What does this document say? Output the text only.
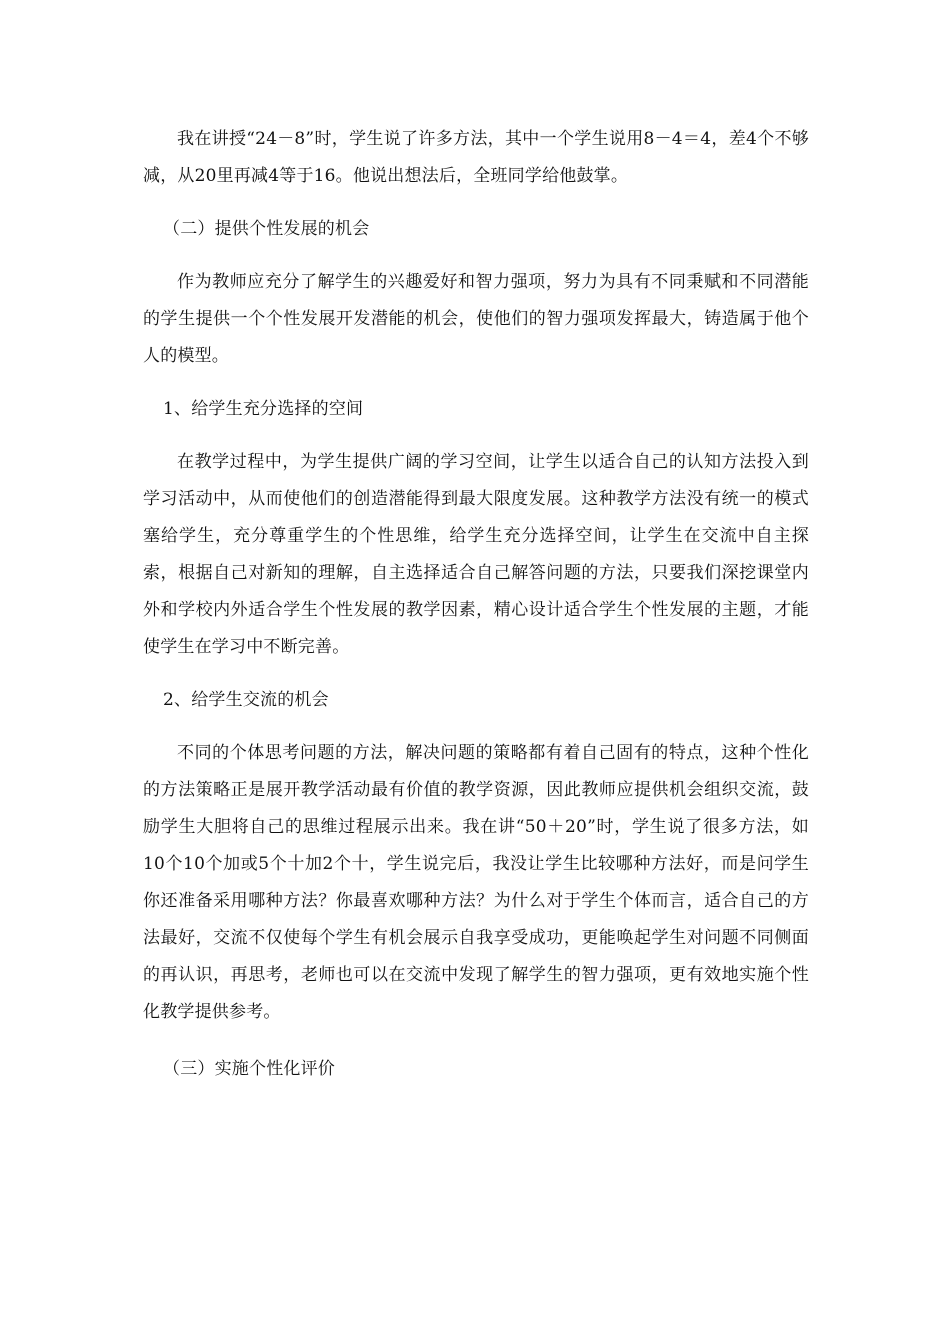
我在讲授“24－8”时，学生说了许多方法，其中一个学生说用8－4＝4，差4个不够减，从20里再减4等于16。他说出想法后，全班同学给他鼓掌。

（二）提供个性发展的机会

作为教师应充分了解学生的兴趣爱好和智力强项，努力为具有不同秉赋和不同潜能的学生提供一个个性发展开发潜能的机会，使他们的智力强项发挥最大，铸造属于他个人的模型。

1、给学生充分选择的空间

在教学过程中，为学生提供广阔的学习空间，让学生以适合自己的认知方法投入到学习活动中，从而使他们的创造潜能得到最大限度发展。这种教学方法没有统一的模式塞给学生，充分尊重学生的个性思维，给学生充分选择空间，让学生在交流中自主探索，根据自己对新知的理解，自主选择适合自己解答问题的方法，只要我们深挖课堂内外和学校内外适合学生个性发展的教学因素，精心设计适合学生个性发展的主题，才能使学生在学习中不断完善。

2、给学生交流的机会

不同的个体思考问题的方法，解决问题的策略都有着自己固有的特点，这种个性化的方法策略正是展开教学活动最有价值的教学资源，因此教师应提供机会组织交流，鼓励学生大胆将自己的思维过程展示出来。我在讲“50＋20”时，学生说了很多方法，如10个10个加或5个十加2个十，学生说完后，我没让学生比较哪种方法好，而是问学生你还准备采用哪种方法？你最喜欢哪种方法？为什么对于学生个体而言，适合自己的方法最好，交流不仅使每个学生有机会展示自我享受成功，更能唤起学生对问题不同侧面的再认识，再思考，老师也可以在交流中发现了解学生的智力强项，更有效地实施个性化教学提供参考。

（三）实施个性化评价
